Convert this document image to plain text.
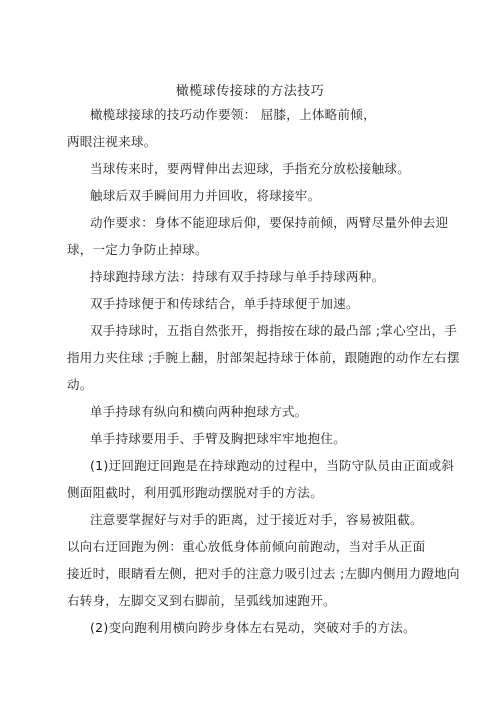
橄榄球传接球的方法技巧
橄榄球接球的技巧动作要领： 屈膝，上体略前倾，
两眼注视来球。
当球传来时，要两臂伸出去迎球，手指充分放松接触球。
触球后双手瞬间用力并回收，将球接牢。
动作要求：身体不能迎球后仰，要保持前倾，两臂尽量外伸去迎
球，一定力争防止掉球。
持球跑持球方法：持球有双手持球与单手持球两种。
双手持球便于和传球结合，单手持球便于加速。
双手持球时，五指自然张开，拇指按在球的最凸部 ;掌心空出，手
指用力夹住球 ;手腕上翻，肘部架起持球于体前，跟随跑的动作左右摆
动。
单手持球有纵向和横向两种抱球方式。
单手持球要用手、手臂及胸把球牢牢地抱住。
(1)迂回跑迂回跑是在持球跑动的过程中，当防守队员由正面或斜
侧面阻截时，利用弧形跑动摆脱对手的方法。
注意要掌握好与对手的距离，过于接近对手，容易被阻截。
以向右迂回跑为例：重心放低身体前倾向前跑动，当对手从正面
接近时，眼睛看左侧，把对手的注意力吸引过去 ;左脚内侧用力蹬地向
右转身，左脚交叉到右脚前，呈弧线加速跑开。
(2)变向跑利用横向跨步身体左右晃动，突破对手的方法。
